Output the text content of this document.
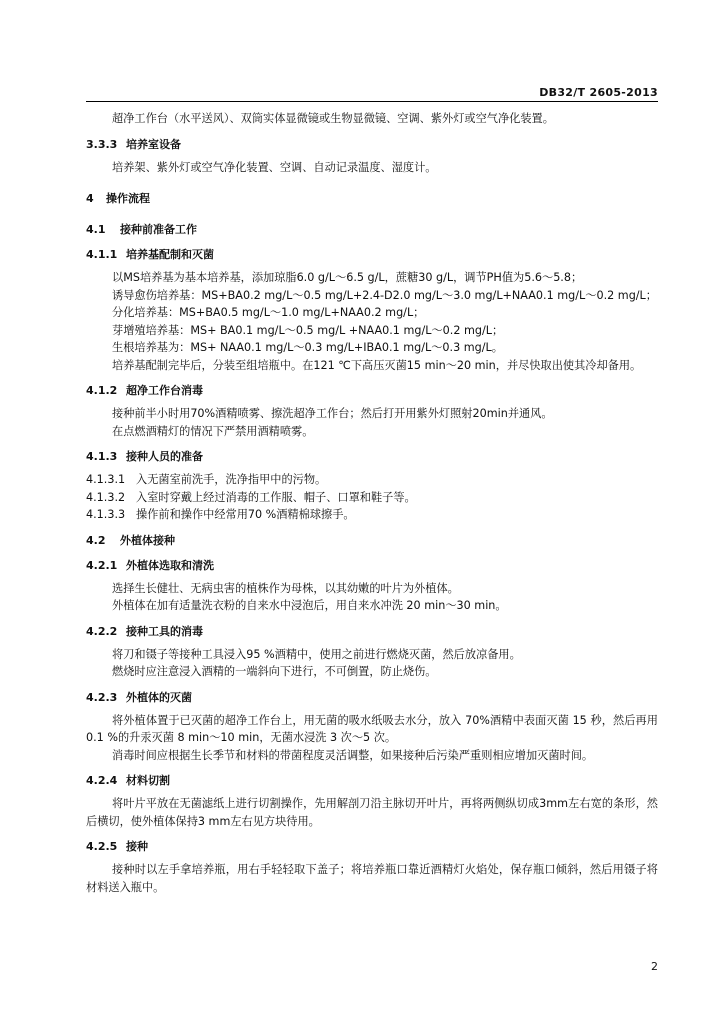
DB32/T 2605-2013
超净工作台（水平送风）、双筒实体显微镜或生物显微镜、空调、紫外灯或空气净化装置。
3.3.3 培养室设备
培养架、紫外灯或空气净化装置、空调、自动记录温度、湿度计。
4 操作流程
4.1 接种前准备工作
4.1.1 培养基配制和灭菌
以MS培养基为基本培养基，添加琼脂6.0 g/L～6.5 g/L，蔗糖30 g/L，调节PH值为5.6～5.8；
诱导愈伤培养基：MS+BA0.2 mg/L～0.5 mg/L+2.4-D2.0 mg/L～3.0 mg/L+NAA0.1 mg/L～0.2 mg/L；
分化培养基：MS+BA0.5 mg/L～1.0 mg/L+NAA0.2 mg/L；
芽增殖培养基：MS+ BA0.1 mg/L～0.5 mg/L +NAA0.1 mg/L～0.2 mg/L；
生根培养基为：MS+ NAA0.1 mg/L～0.3 mg/L+IBA0.1 mg/L～0.3 mg/L。
培养基配制完毕后，分装至组培瓶中。在121 ℃下高压灭菌15 min～20 min，并尽快取出使其冷却备用。
4.1.2 超净工作台消毒
接种前半小时用70%酒精喷雾、擦洗超净工作台；然后打开用紫外灯照射20min并通风。
在点燃酒精灯的情况下严禁用酒精喷雾。
4.1.3 接种人员的准备
4.1.3.1 入无菌室前洗手，洗净指甲中的污物。
4.1.3.2 入室时穿戴上经过消毒的工作服、帽子、口罩和鞋子等。
4.1.3.3 操作前和操作中经常用70 %酒精棉球擦手。
4.2 外植体接种
4.2.1 外植体选取和清洗
选择生长健壮、无病虫害的植株作为母株，以其幼嫩的叶片为外植体。
外植体在加有适量洗衣粉的自来水中浸泡后，用自来水冲洗 20 min～30 min。
4.2.2 接种工具的消毒
将刀和镊子等接种工具浸入95 %酒精中，使用之前进行燃烧灭菌，然后放凉备用。
燃烧时应注意浸入酒精的一端斜向下进行，不可倒置，防止烧伤。
4.2.3 外植体的灭菌
将外植体置于已灭菌的超净工作台上，用无菌的吸水纸吸去水分，放入 70%酒精中表面灭菌 15 秒，然后再用 0.1 %的升汞灭菌 8 min～10 min，无菌水浸洗 3 次～5 次。
消毒时间应根据生长季节和材料的带菌程度灵活调整，如果接种后污染严重则相应增加灭菌时间。
4.2.4 材料切割
将叶片平放在无菌滤纸上进行切割操作，先用解剖刀沿主脉切开叶片，再将两侧纵切成3mm左右宽的条形，然后横切，使外植体保持3 mm左右见方块待用。
4.2.5 接种
接种时以左手拿培养瓶，用右手轻轻取下盖子；将培养瓶口靠近酒精灯火焰处，保存瓶口倾斜，然后用镊子将材料送入瓶中。
2
